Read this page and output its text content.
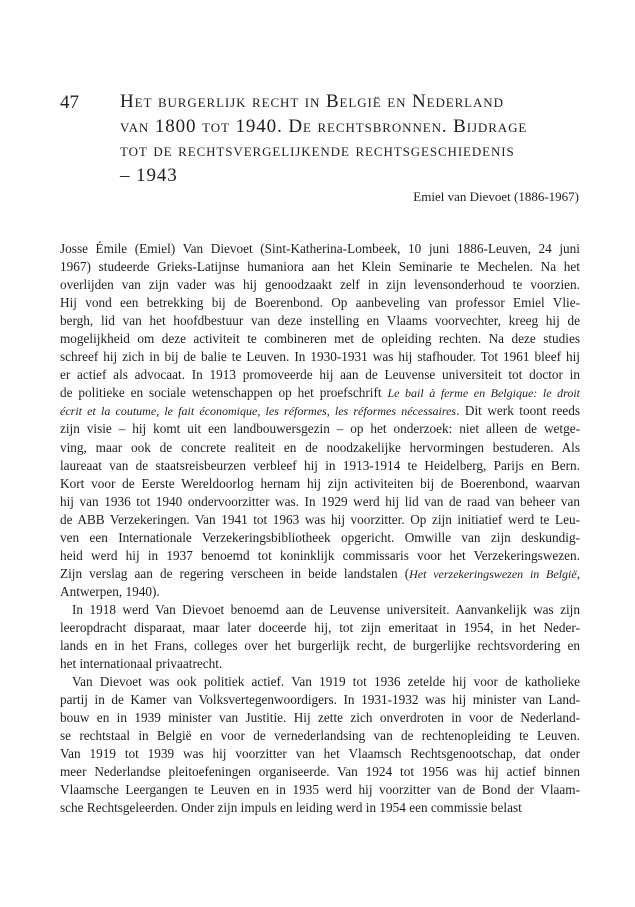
47 Het burgerlijk recht in België en Nederland
van 1800 tot 1940. De rechtsbronnen. Bijdrage
tot de rechtsvergelijkende rechtsgeschiedenis
– 1943
Emiel van Dievoet (1886-1967)
Josse Émile (Emiel) Van Dievoet (Sint-Katherina-Lombeek, 10 juni 1886-Leuven, 24 juni
1967) studeerde Grieks-Latijnse humaniora aan het Klein Seminarie te Mechelen. Na het
overlijden van zijn vader was hij genoodzaakt zelf in zijn levensonderhoud te voorzien.
Hij vond een betrekking bij de Boerenbond. Op aanbeveling van professor Emiel Vlie-
bergh, lid van het hoofdbestuur van deze instelling en Vlaams voorvechter, kreeg hij de
mogelijkheid om deze activiteit te combineren met de opleiding rechten. Na deze studies
schreef hij zich in bij de balie te Leuven. In 1930-1931 was hij stafhouder. Tot 1961 bleef hij
er actief als advocaat. In 1913 promoveerde hij aan de Leuvense universiteit tot doctor in
de politieke en sociale wetenschappen op het proefschrift Le bail à ferme en Belgique: le droit
écrit et la coutume, le fait économique, les réformes, les réformes nécessaires. Dit werk toont reeds
zijn visie – hij komt uit een landbouwersgezin – op het onderzoek: niet alleen de wetge-
ving, maar ook de concrete realiteit en de noodzakelijke hervormingen bestuderen. Als
laureaat van de staatsreisbeurzen verbleef hij in 1913-1914 te Heidelberg, Parijs en Bern.
Kort voor de Eerste Wereldoorlog hernam hij zijn activiteiten bij de Boerenbond, waarvan
hij van 1936 tot 1940 ondervoorzitter was. In 1929 werd hij lid van de raad van beheer van
de ABB Verzekeringen. Van 1941 tot 1963 was hij voorzitter. Op zijn initiatief werd te Leu-
ven een Internationale Verzekeringsbibliotheek opgericht. Omwille van zijn deskundig-
heid werd hij in 1937 benoemd tot koninklijk commissaris voor het Verzekeringswezen.
Zijn verslag aan de regering verscheen in beide landstalen (Het verzekeringswezen in België,
Antwerpen, 1940).
In 1918 werd Van Dievoet benoemd aan de Leuvense universiteit. Aanvankelijk was zijn
leeropdracht disparaat, maar later doceerde hij, tot zijn emeritaat in 1954, in het Neder-
lands en in het Frans, colleges over het burgerlijk recht, de burgerlijke rechtsvordering en
het internationaal privaatrecht.
Van Dievoet was ook politiek actief. Van 1919 tot 1936 zetelde hij voor de katholieke
partij in de Kamer van Volksvertegenwoordigers. In 1931-1932 was hij minister van Land-
bouw en in 1939 minister van Justitie. Hij zette zich onverdroten in voor de Nederland-
se rechtstaal in België en voor de vernederlandsing van de rechtenopleiding te Leuven.
Van 1919 tot 1939 was hij voorzitter van het Vlaamsch Rechtsgenootschap, dat onder
meer Nederlandse pleitoefeningen organiseerde. Van 1924 tot 1956 was hij actief binnen
Vlaamsche Leergangen te Leuven en in 1935 werd hij voorzitter van de Bond der Vlaam-
sche Rechtsgeleerden. Onder zijn impuls en leiding werd in 1954 een commissie belast
